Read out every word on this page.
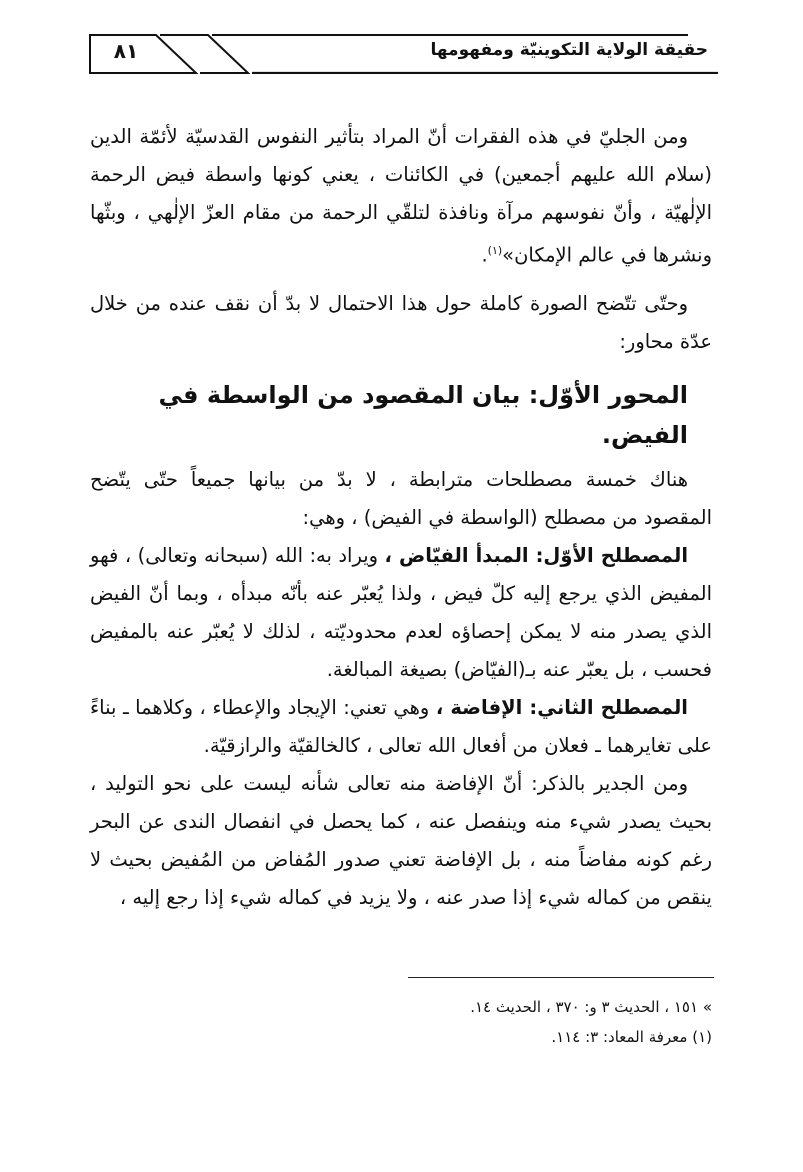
٨١	حقيقة الولاية التكوينيّة ومفهومها

ومن الجليّ في هذه الفقرات أنّ المراد بتأثير النفوس القدسيّة لأئمّة الدين (سلام الله عليهم أجمعين) في الكائنات ، يعني كونها واسطة فيض الرحمة الإلٰهيّة ، وأنّ نفوسهم مرآة ونافذة لتلقّي الرحمة من مقام العزّ الإلٰهي ، وبثّها ونشرها في عالم الإمكان»$^{(١)}$.

وحتّى تتّضح الصورة كاملة حول هذا الاحتمال لا بدّ أن نقف عنده من خلال عدّة محاور:

المحور الأوّل: بيان المقصود من الواسطة في الفيض.

هناك خمسة مصطلحات مترابطة ، لا بدّ من بيانها جميعاً حتّى يتّضح المقصود من مصطلح (الواسطة في الفيض) ، وهي:

المصطلح الأوّل: المبدأ الفيّاض ، ويراد به: الله (سبحانه وتعالى) ، فهو المفيض الذي يرجع إليه كلّ فيض ، ولذا يُعبّر عنه بأنّه مبدأه ، وبما أنّ الفيض الذي يصدر منه لا يمكن إحصاؤه لعدم محدوديّته ، لذلك لا يُعبّر عنه بالمفيض فحسب ، بل يعبّر عنه بـ(الفيّاض) بصيغة المبالغة.

المصطلح الثاني: الإفاضة ، وهي تعني: الإيجاد والإعطاء ، وكلاهما ـ بناءً على تغايرهما ـ فعلان من أفعال الله تعالى ، كالخالقيّة والرازقيّة.

ومن الجدير بالذكر: أنّ الإفاضة منه تعالى شأنه ليست على نحو التوليد ، بحيث يصدر شيء منه وينفصل عنه ، كما يحصل في انفصال الندى عن البحر رغم كونه مفاضاً منه ، بل الإفاضة تعني صدور المُفاض من المُفيض بحيث لا ينقص من كماله شيء إذا صدر عنه ، ولا يزيد في كماله شيء إذا رجع إليه ،

» ١٥١ ، الحديث ٣ و: ٣٧٠ ، الحديث ١٤.

(١) معرفة المعاد: ٣: ١١٤.
